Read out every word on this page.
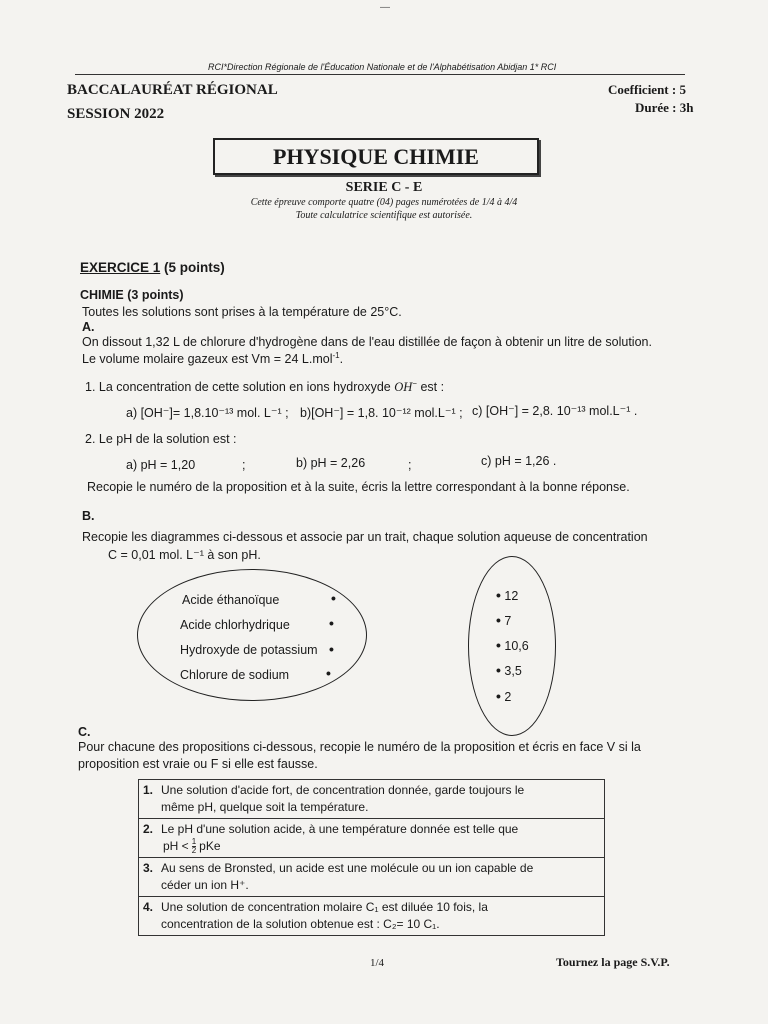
—
RCI*Direction Régionale de l'Éducation Nationale et de l'Alphabétisation Abidjan 1* RCI
BACCALAURÉAT RÉGIONAL
SESSION 2022
Coefficient : 5
Durée : 3h
PHYSIQUE CHIMIE
SERIE C - E
Cette épreuve comporte quatre (04) pages numérotées de 1/4 à 4/4
Toute calculatrice scientifique est autorisée.
EXERCICE 1 (5 points)
CHIMIE (3 points)
Toutes les solutions sont prises à la température de 25°C.
A.
On dissout 1,32 L de chlorure d'hydrogène dans de l'eau distillée de façon à obtenir un litre de solution.
Le volume molaire gazeux est Vm = 24 L.mol$^{-1}$.
1. La concentration de cette solution en ions hydroxyde OH− est :
a) [OH⁻]= 1,8.10⁻¹³ mol. L⁻¹ ; b)[OH⁻] = 1,8. 10⁻¹² mol.L⁻¹ ; c) [OH⁻] = 2,8. 10⁻¹³ mol.L⁻¹ .
2. Le pH de la solution est :
a) pH = 1,20	;	b) pH = 2,26	;	c) pH = 1,26 .
Recopie le numéro de la proposition et à la suite, écris la lettre correspondant à la bonne réponse.
B.
Recopie les diagrammes ci-dessous et associe par un trait, chaque solution aqueuse de concentration
C = 0,01 mol. L⁻¹ à son pH.
Acide éthanoïque
Acide chlorhydrique
Hydroxyde de potassium
Chlorure de sodium
•
•
•
•
• 12
• 7
• 10,6
• 3,5
• 2
C.
Pour chacune des propositions ci-dessous, recopie le numéro de la proposition et écris en face V si la
proposition est vraie ou F si elle est fausse.
1.	Une solution d'acide fort, de concentration donnée, garde toujours le
même pH, quelque soit la température.
2.	Le pH d'une solution acide, à une température donnée est telle que
pH < $\frac{1}{2}$ pKe
3.	Au sens de Bronsted, un acide est une molécule ou un ion capable de
céder un ion H⁺.
4.	Une solution de concentration molaire C₁ est diluée 10 fois, la
concentration de la solution obtenue est : C₂= 10 C₁.
1/4	Tournez la page S.V.P.
